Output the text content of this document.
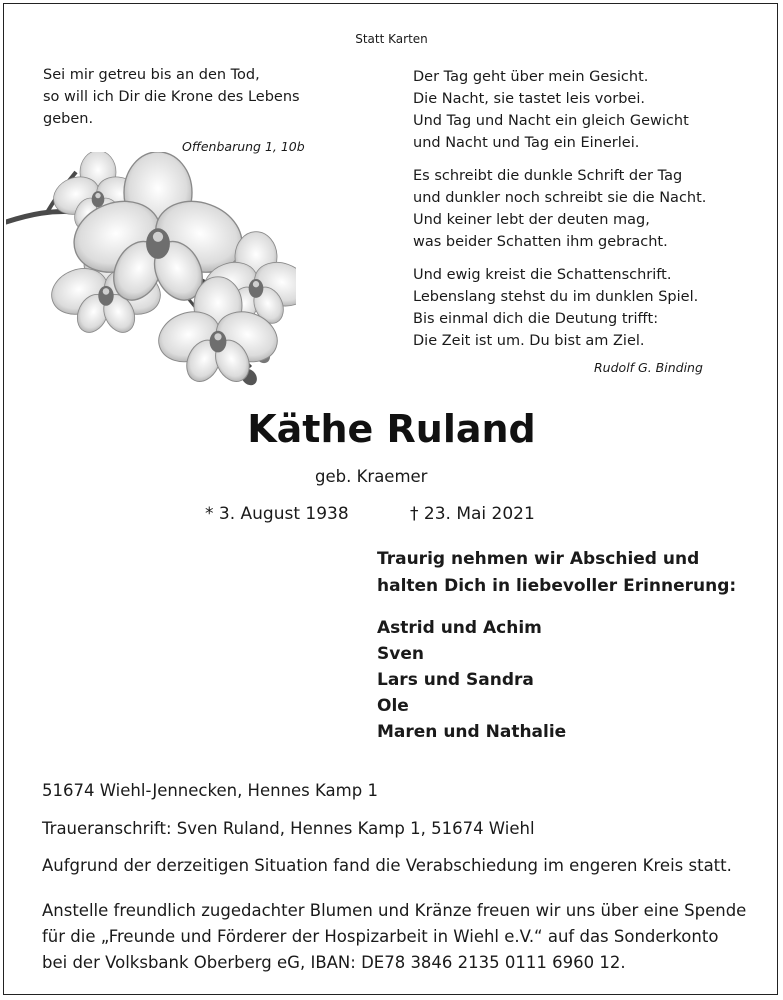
Statt Karten
Sei mir getreu bis an den Tod,
so will ich Dir die Krone des Lebens
geben.
Offenbarung 1, 10b
Der Tag geht über mein Gesicht.
Die Nacht, sie tastet leis vorbei.
Und Tag und Nacht ein gleich Gewicht
und Nacht und Tag ein Einerlei.
Es schreibt die dunkle Schrift der Tag
und dunkler noch schreibt sie die Nacht.
Und keiner lebt der deuten mag,
was beider Schatten ihm gebracht.
Und ewig kreist die Schattenschrift.
Lebenslang stehst du im dunklen Spiel.
Bis einmal dich die Deutung trifft:
Die Zeit ist um. Du bist am Ziel.
Rudolf G. Binding
Käthe Ruland
geb. Kraemer
* 3. August 1938	† 23. Mai 2021
Traurig nehmen wir Abschied und
halten Dich in liebevoller Erinnerung:
Astrid und Achim
Sven
Lars und Sandra
Ole
Maren und Nathalie
51674 Wiehl-Jennecken, Hennes Kamp 1
Traueranschrift: Sven Ruland, Hennes Kamp 1, 51674 Wiehl
Aufgrund der derzeitigen Situation fand die Verabschiedung im engeren Kreis statt.
Anstelle freundlich zugedachter Blumen und Kränze freuen wir uns über eine Spende
für die „Freunde und Förderer der Hospizarbeit in Wiehl e.V.“ auf das Sonderkonto
bei der Volksbank Oberberg eG, IBAN: DE78 3846 2135 0111 6960 12.
